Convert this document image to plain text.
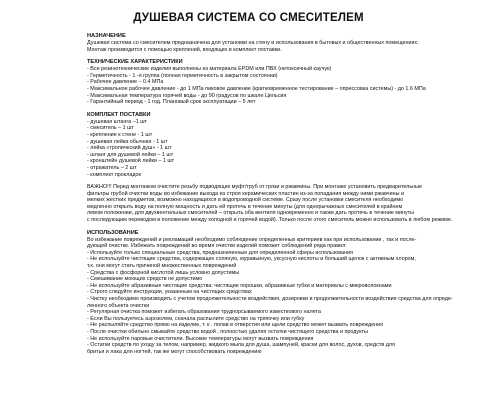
ДУШЕВАЯ СИСТЕМА СО СМЕСИТЕЛЕМ
НАЗНАЧЕНИЕ
Душевая система со смесителем предназначена для установки на стену и использования в бытовых и общественных помещениях.
Монтаж производится с помощью креплений, входящих в комплект поставки.
ТЕХНИЧЕСКИЕ ХАРАКТЕРИСТИКИ
- Все резинотехнические изделия выполнены из материала EPDM или ПВХ (нетоксичный каучук)
- Герметичность - 1 -я группа (полная герметичность в закрытом состоянии)
- Рабочее давление – 0.4 МПа
- Максимальное рабочее давление - до 1 МПа пиковое давление (кратковременное тестирование – опрессовка системы) - до 1.6 МПа
- Максимальная температура горячей воды - до 90 градусов по шкале Цельсия
- Гарантийный период - 1 год. Плановый срок эксплуатации – 5 лет
КОМПЛЕКТ ПОСТАВКИ
- душевая штанга –1 шт
- смеситель – 1 шт
- крепление к стене - 1 шт
- душевая лейка обычная - 1 шт
- лейка «тропический душ» - 1 шт
- шланг для душевой лейки – 1 шт
- кронштейн душевой лейки – 1 шт
- отражатель – 2 шт
- комплект прокладок
ВАЖНО!!! Перед монтажом очистите резьбу подводящих муфт/труб от грязи и ржавчины. При монтаже установить предварительные
фильтры грубой очистки воды во избежание выхода из строя керамических пластин из-за попадания между ними ржавчины и
мелких жестких предметов, возможно находящихся в водопроводной системе. Сразу после установки смесителя необходимо
медленно открыть воду на полную мощность и дать ей протечь в течение минуты (для однорычажных смесителей в крайнем
левом положении, для двухвентильных смесителей – открыть оба вентиля одновременно и также дать протечь в течение минуты
с последующим переводом в положение между холодной и горячей водой). Только после этого смеситель можно использовать в любом режиме.
ИСПОЛЬЗОВАНИЕ
Во избежание повреждений и рекламаций необходимо соблюдение определенных критериев как при использовании , так и после-
дующей очистке. Избежать повреждений во время очистки изделий поможет соблюдений ряда правил:
- Используйте только специальные средства, предназначенные для определенной сферы использования
- Не используйте чистящие средства, содержащих соляную, муравьиную, уксусную кислоты и больший щелок с активным хлором,
т.к. они могут стать причиной множественных повреждений
- Средства с фосфорной кислотой лишь условно допустимы
- Смешивание моющих средств не допустимо
- Не используйте абразивные чистящие средства: чистящие порошки, абразивные губки и материалы с микроволокнами
- Строго следуйте инструкции, указанным на чистящих средствах
- Чистку необходимо производить с учетом продолжительности воздействия, дозировки и продолжительности воздействия средства для опреде-
ленного объекта очистки
- Регулярная очистка поможет избегать образования труднорсываемого известкового налета
- Если Вы пользуетесь аэрозолем, сначала распылите средство на тряпочку или губку
- Не распыляйте средство прямо на изделие, т. к . попав в отверстия или щели средство может вызвать повреждения
- После очистки обильно смывайте средство водой , полностью удаляя остатки чистящего средства и продукты
- Не используйте паровые очистители. Высокие температуры могут вызвать повреждения
- Остатки средств по уходу за телом, например, жидкого мыла для душа, шампуней, краски для волос, духов, средств для
бритья и лака для ногтей, так же могут способствовать повреждению
